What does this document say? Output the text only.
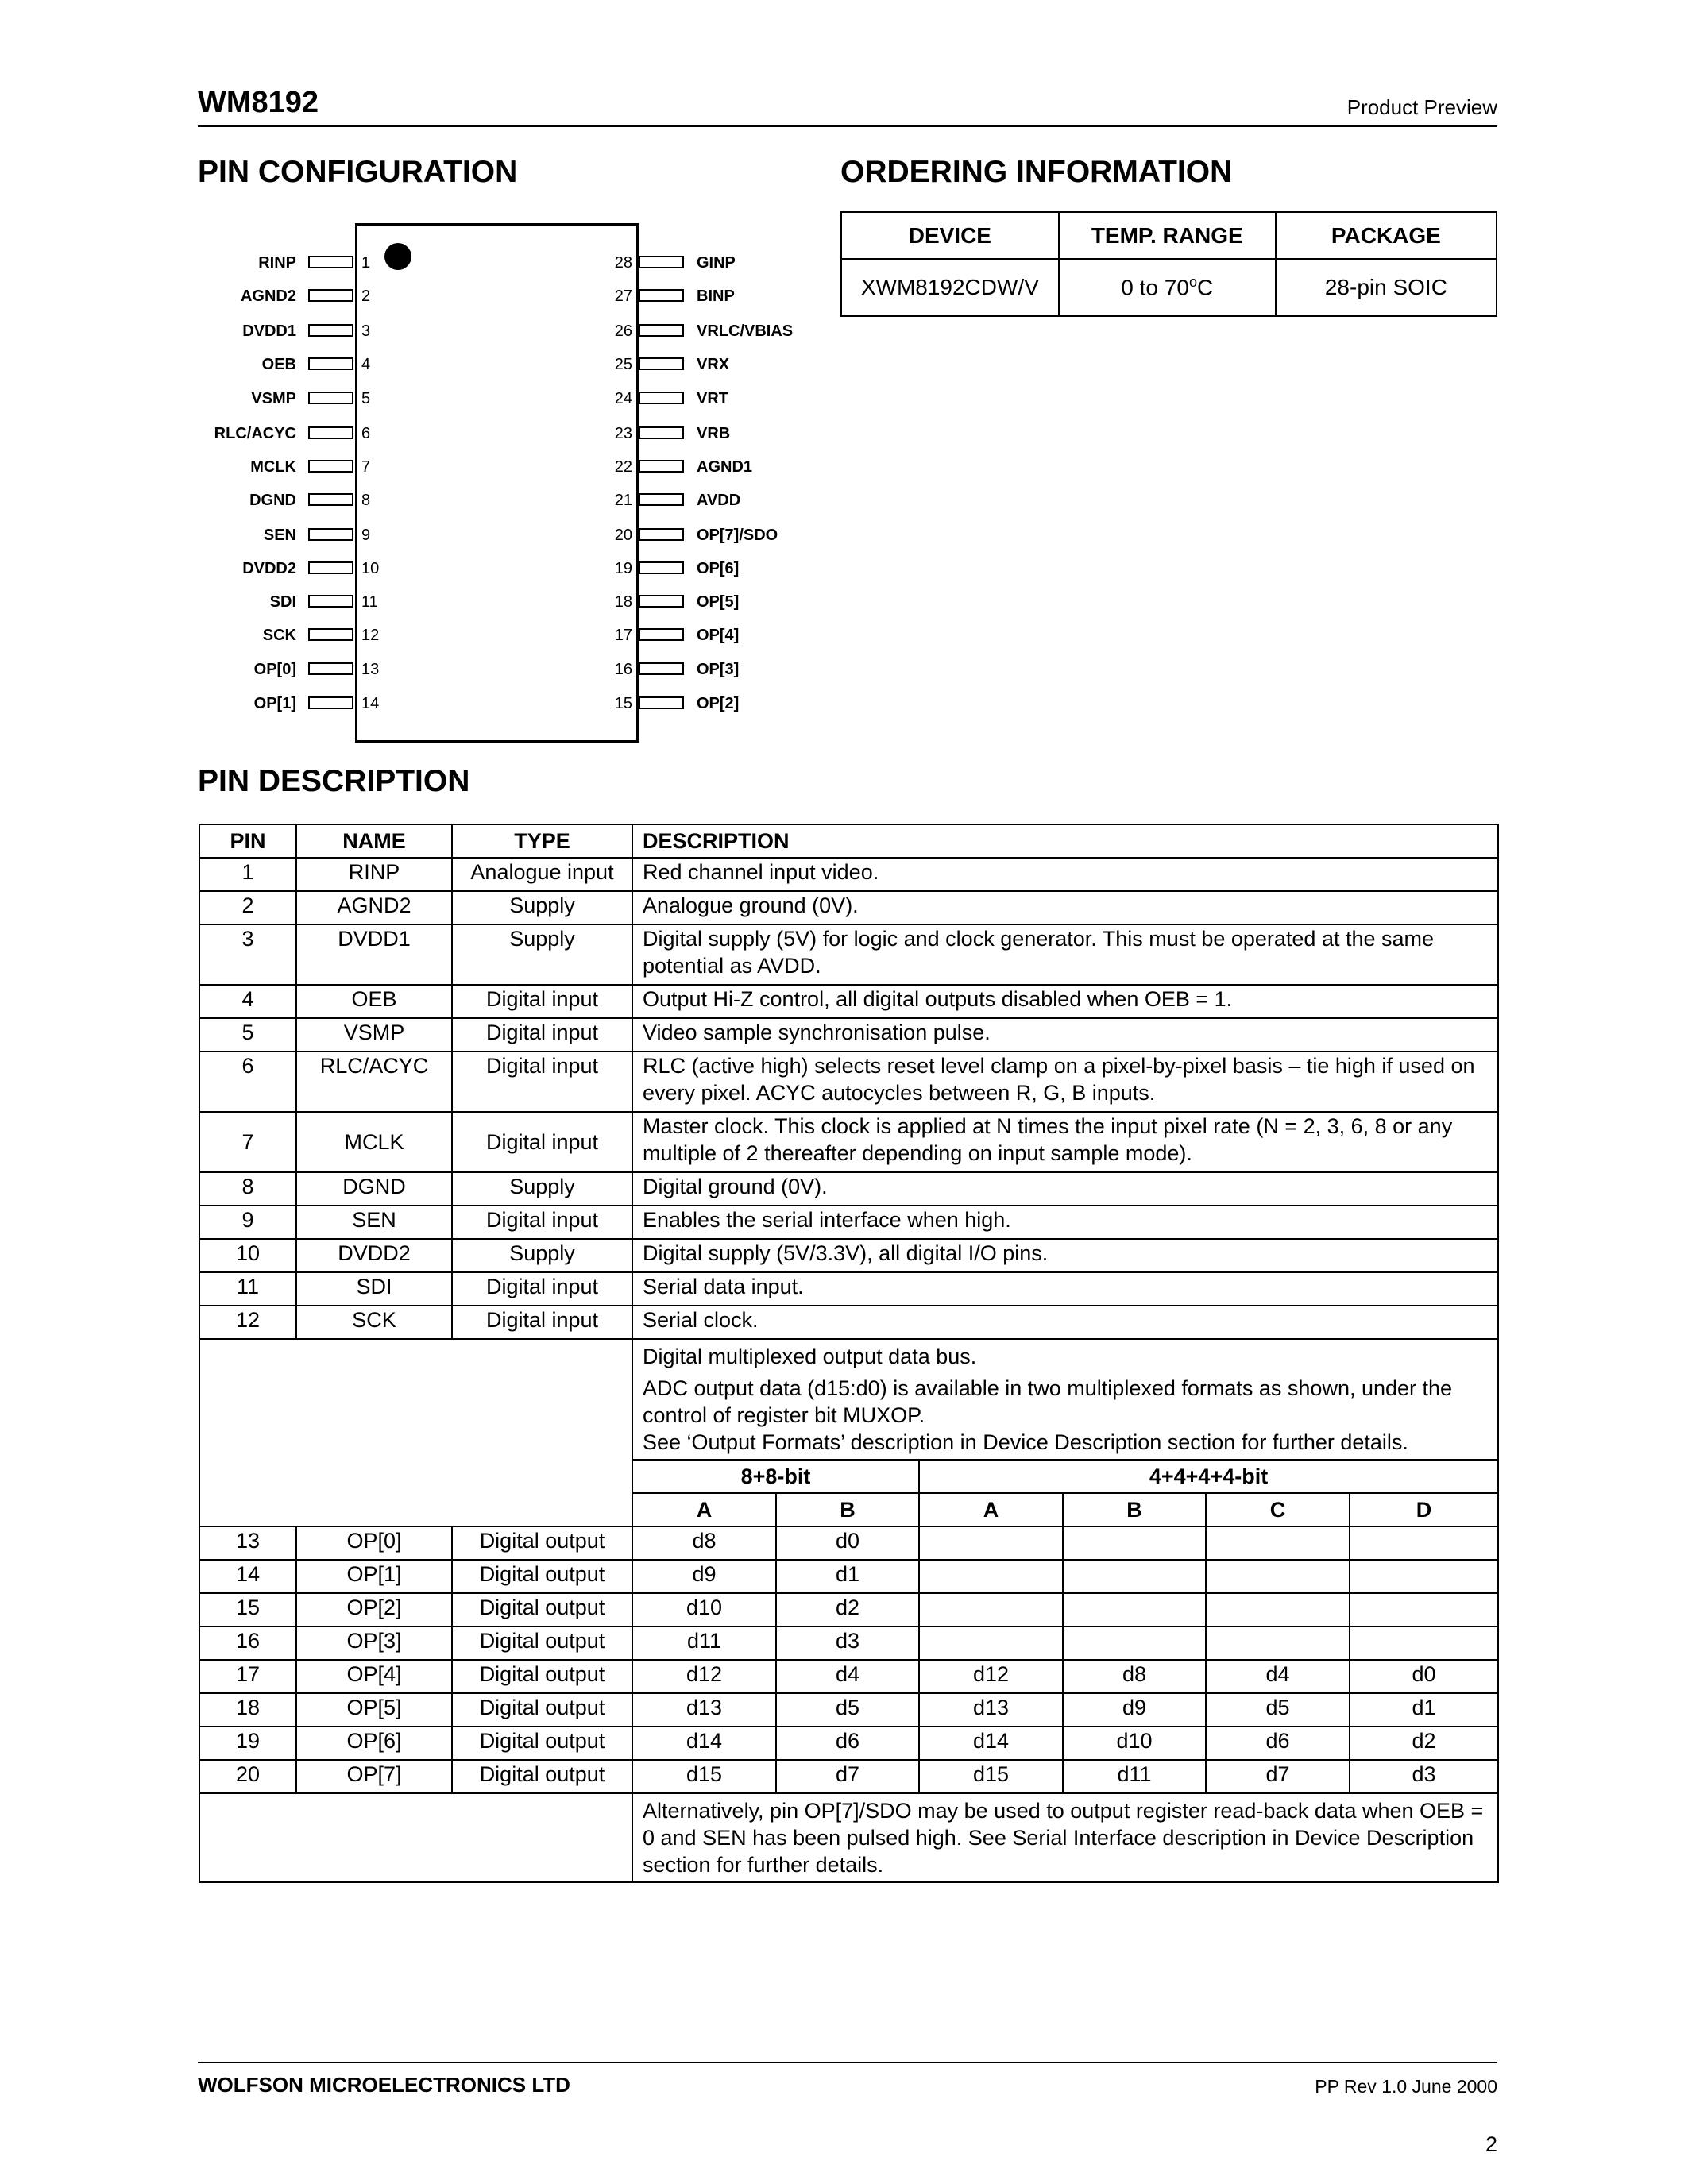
WM8192	Product Preview
PIN CONFIGURATION	ORDERING INFORMATION
PIN DESCRIPTION
RINP	1
AGND2	2
DVDD1	3
OEB	4
VSMP	5
RLC/ACYC	6
MCLK	7
DGND	8
SEN	9
DVDD2	10
SDI	11
SCK	12
OP[0]	13
OP[1]	14
28	GINP
27	BINP
26	VRLC/VBIAS
25	VRX
24	VRT
23	VRB
22	AGND1
21	AVDD
20	OP[7]/SDO
19	OP[6]
18	OP[5]
17	OP[4]
16	OP[3]
15	OP[2]
DEVICE	TEMP. RANGE	PACKAGE
XWM8192CDW/V	0 to 70$^o$C	28-pin SOIC
PIN	NAME	TYPE	DESCRIPTION					
1	RINP	Analogue input	Red channel input video.					
2	AGND2	Supply	Analogue ground (0V).					
3	DVDD1	Supply	Digital supply (5V) for logic and clock generator. This must be operated at the same potential as AVDD.					
4	OEB	Digital input	Output Hi-Z control, all digital outputs disabled when OEB = 1.					
5	VSMP	Digital input	Video sample synchronisation pulse.					
6	RLC/ACYC	Digital input	RLC (active high) selects reset level clamp on a pixel-by-pixel basis – tie high if used on every pixel. ACYC autocycles between R, G, B inputs.					
7	MCLK	Digital input	Master clock. This clock is applied at N times the input pixel rate (N = 2, 3, 6, 8 or any multiple of 2 thereafter depending on input sample mode).					
8	DGND	Supply	Digital ground (0V).					
9	SEN	Digital input	Enables the serial interface when high.					
10	DVDD2	Supply	Digital supply (5V/3.3V), all digital I/O pins.					
11	SDI	Digital input	Serial data input.					
12	SCK	Digital input	Serial clock.					

			Digital multiplexed output data bus.

ADC output data (d15:d0) is available in two multiplexed formats as shown, under the control of register bit MUXOP.

See ‘Output Formats’ description in Device Description section for further details.					

			8+8-bit		4+4+4+4-bit			
			A	B	A	B	C	D
13	OP[0]	Digital output	d8	d0				
14	OP[1]	Digital output	d9	d1				
15	OP[2]	Digital output	d10	d2				
16	OP[3]	Digital output	d11	d3				
17	OP[4]	Digital output	d12	d4	d12	d8	d4	d0
18	OP[5]	Digital output	d13	d5	d13	d9	d5	d1
19	OP[6]	Digital output	d14	d6	d14	d10	d6	d2
20	OP[7]	Digital output	d15	d7	d15	d11	d7	d3
			Alternatively, pin OP[7]/SDO may be used to output register read-back data when OEB = 0 and SEN has been pulsed high. See Serial Interface description in Device Description section for further details.					
WOLFSON MICROELECTRONICS LTD	PP Rev 1.0 June 2000
2
